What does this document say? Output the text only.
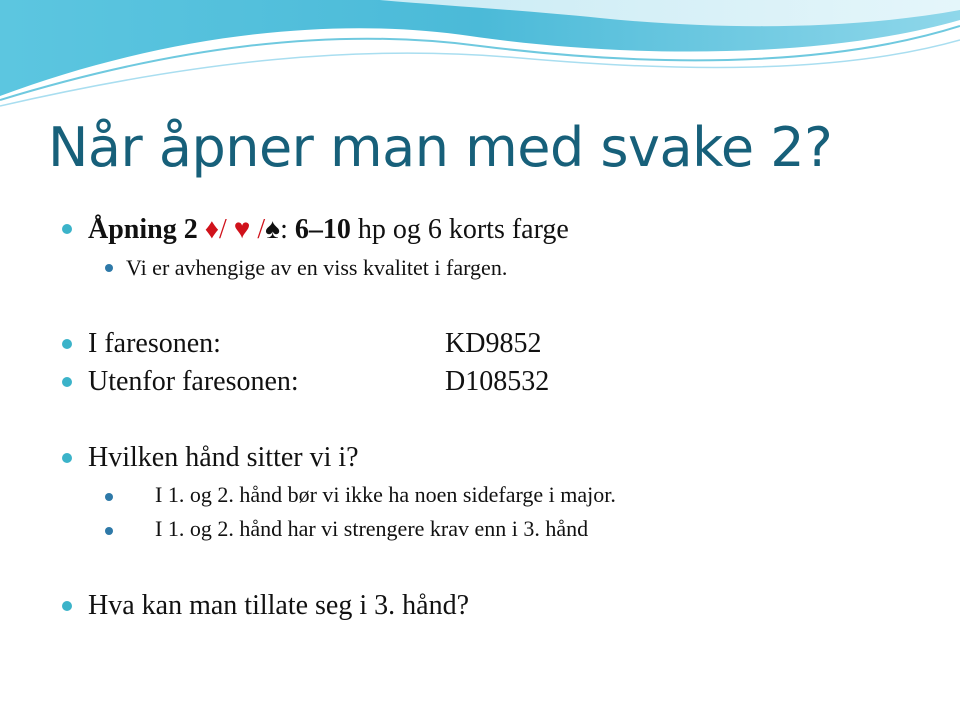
Når åpner man med svake 2?
Åpning 2 ♦/ ♥ /♠: 6–10 hp og 6 korts farge
Vi er avhengige av en viss kvalitet i fargen.
I faresonen:	KD9852
Utenfor faresonen:	D108532
Hvilken hånd sitter vi i?
I 1. og 2. hånd bør vi ikke ha noen sidefarge i major.
I 1. og 2. hånd har vi strengere krav enn i 3. hånd
Hva kan man tillate seg i 3. hånd?
